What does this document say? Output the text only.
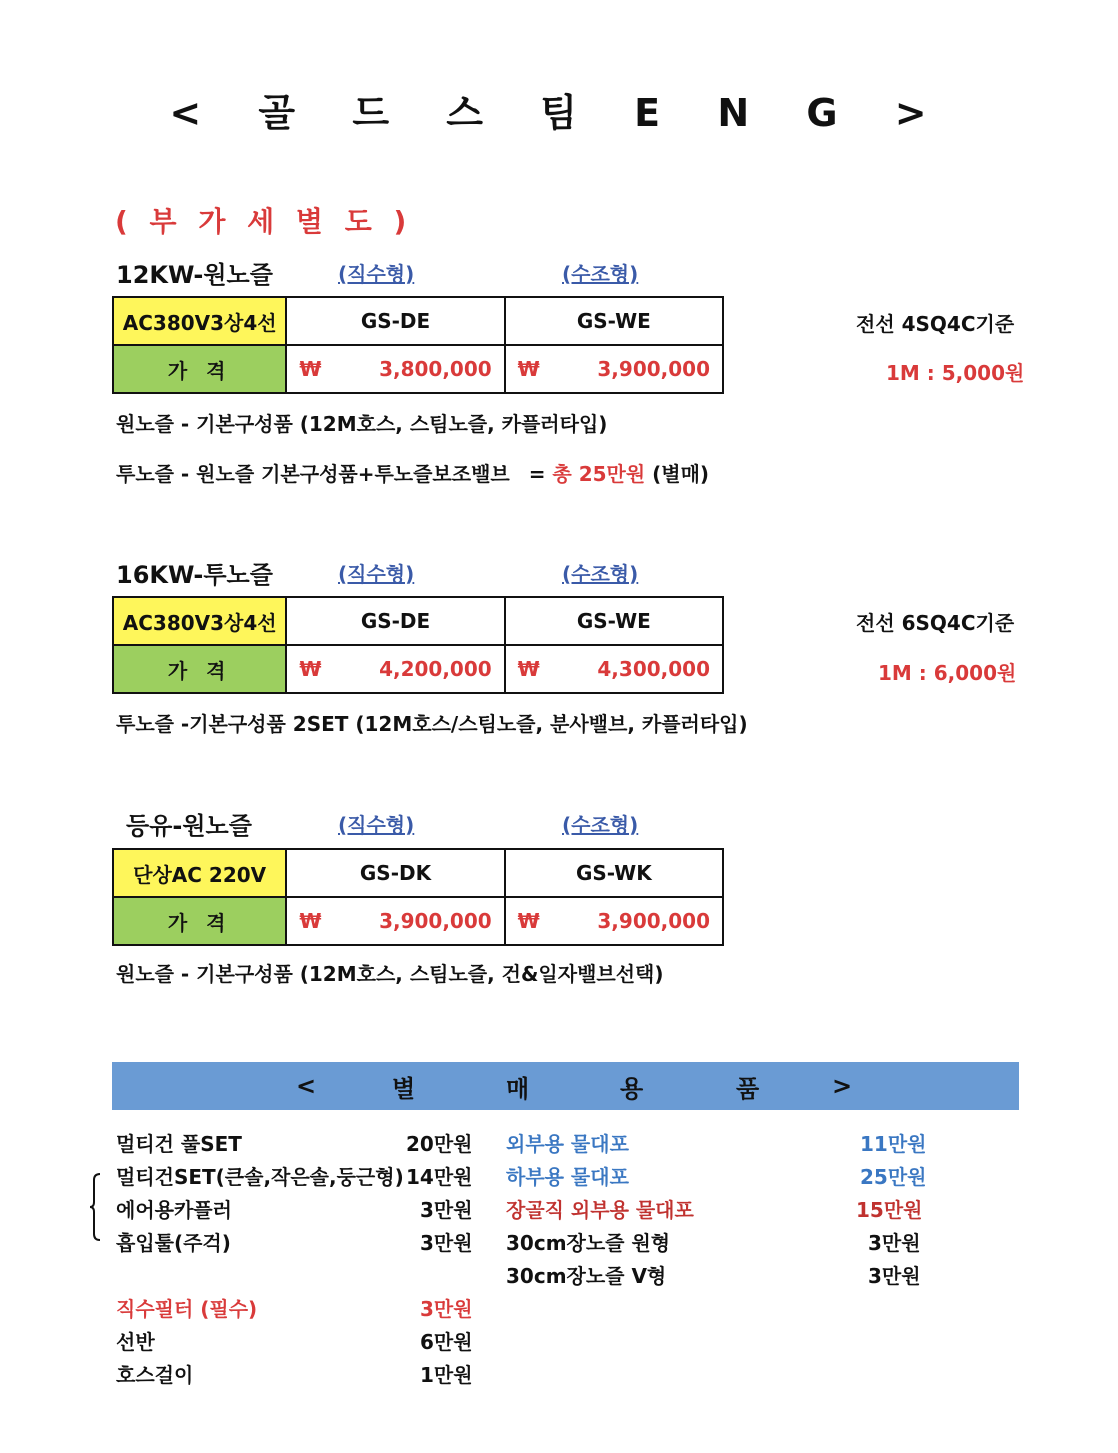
< 골 드 스 팀 E N G >
( 부 가 세 별 도 )
12KW-원노즐	(직수형)	(수조형)
AC380V3상4선	GS-DE	GS-WE
가 격	₩ 3,800,000	₩ 3,900,000
전선 4SQ4C기준
1M : 5,000원
원노즐 - 기본구성품 (12M호스, 스팀노즐, 카플러타입)
투노즐 - 원노즐 기본구성품+투노즐보조밸브 = 총 25만원 (별매)
16KW-투노즐	(직수형)	(수조형)
AC380V3상4선	GS-DE	GS-WE
가 격	₩ 4,200,000	₩ 4,300,000
전선 6SQ4C기준
1M : 6,000원
투노즐 -기본구성품 2SET (12M호스/스팀노즐, 분사밸브, 카플러타입)
등유-원노즐	(직수형)	(수조형)
단상AC 220V	GS-DK	GS-WK
가 격	₩ 3,900,000	₩ 3,900,000
원노즐 - 기본구성품 (12M호스, 스팀노즐, 건&일자밸브선택)
<	별	매	용	품	>
멀티건 풀SET	20만원
멀티건SET(큰솔,작은솔,둥근형) 14만원
에어용카플러	3만원
흡입툴(주걱)	3만원
직수필터 (필수)	3만원
선반	6만원
호스걸이	1만원
외부용 물대포	11만원
하부용 물대포	25만원
장골직 외부용 물대포	15만원
30cm장노즐 원형	3만원
30cm장노즐 V형	3만원
